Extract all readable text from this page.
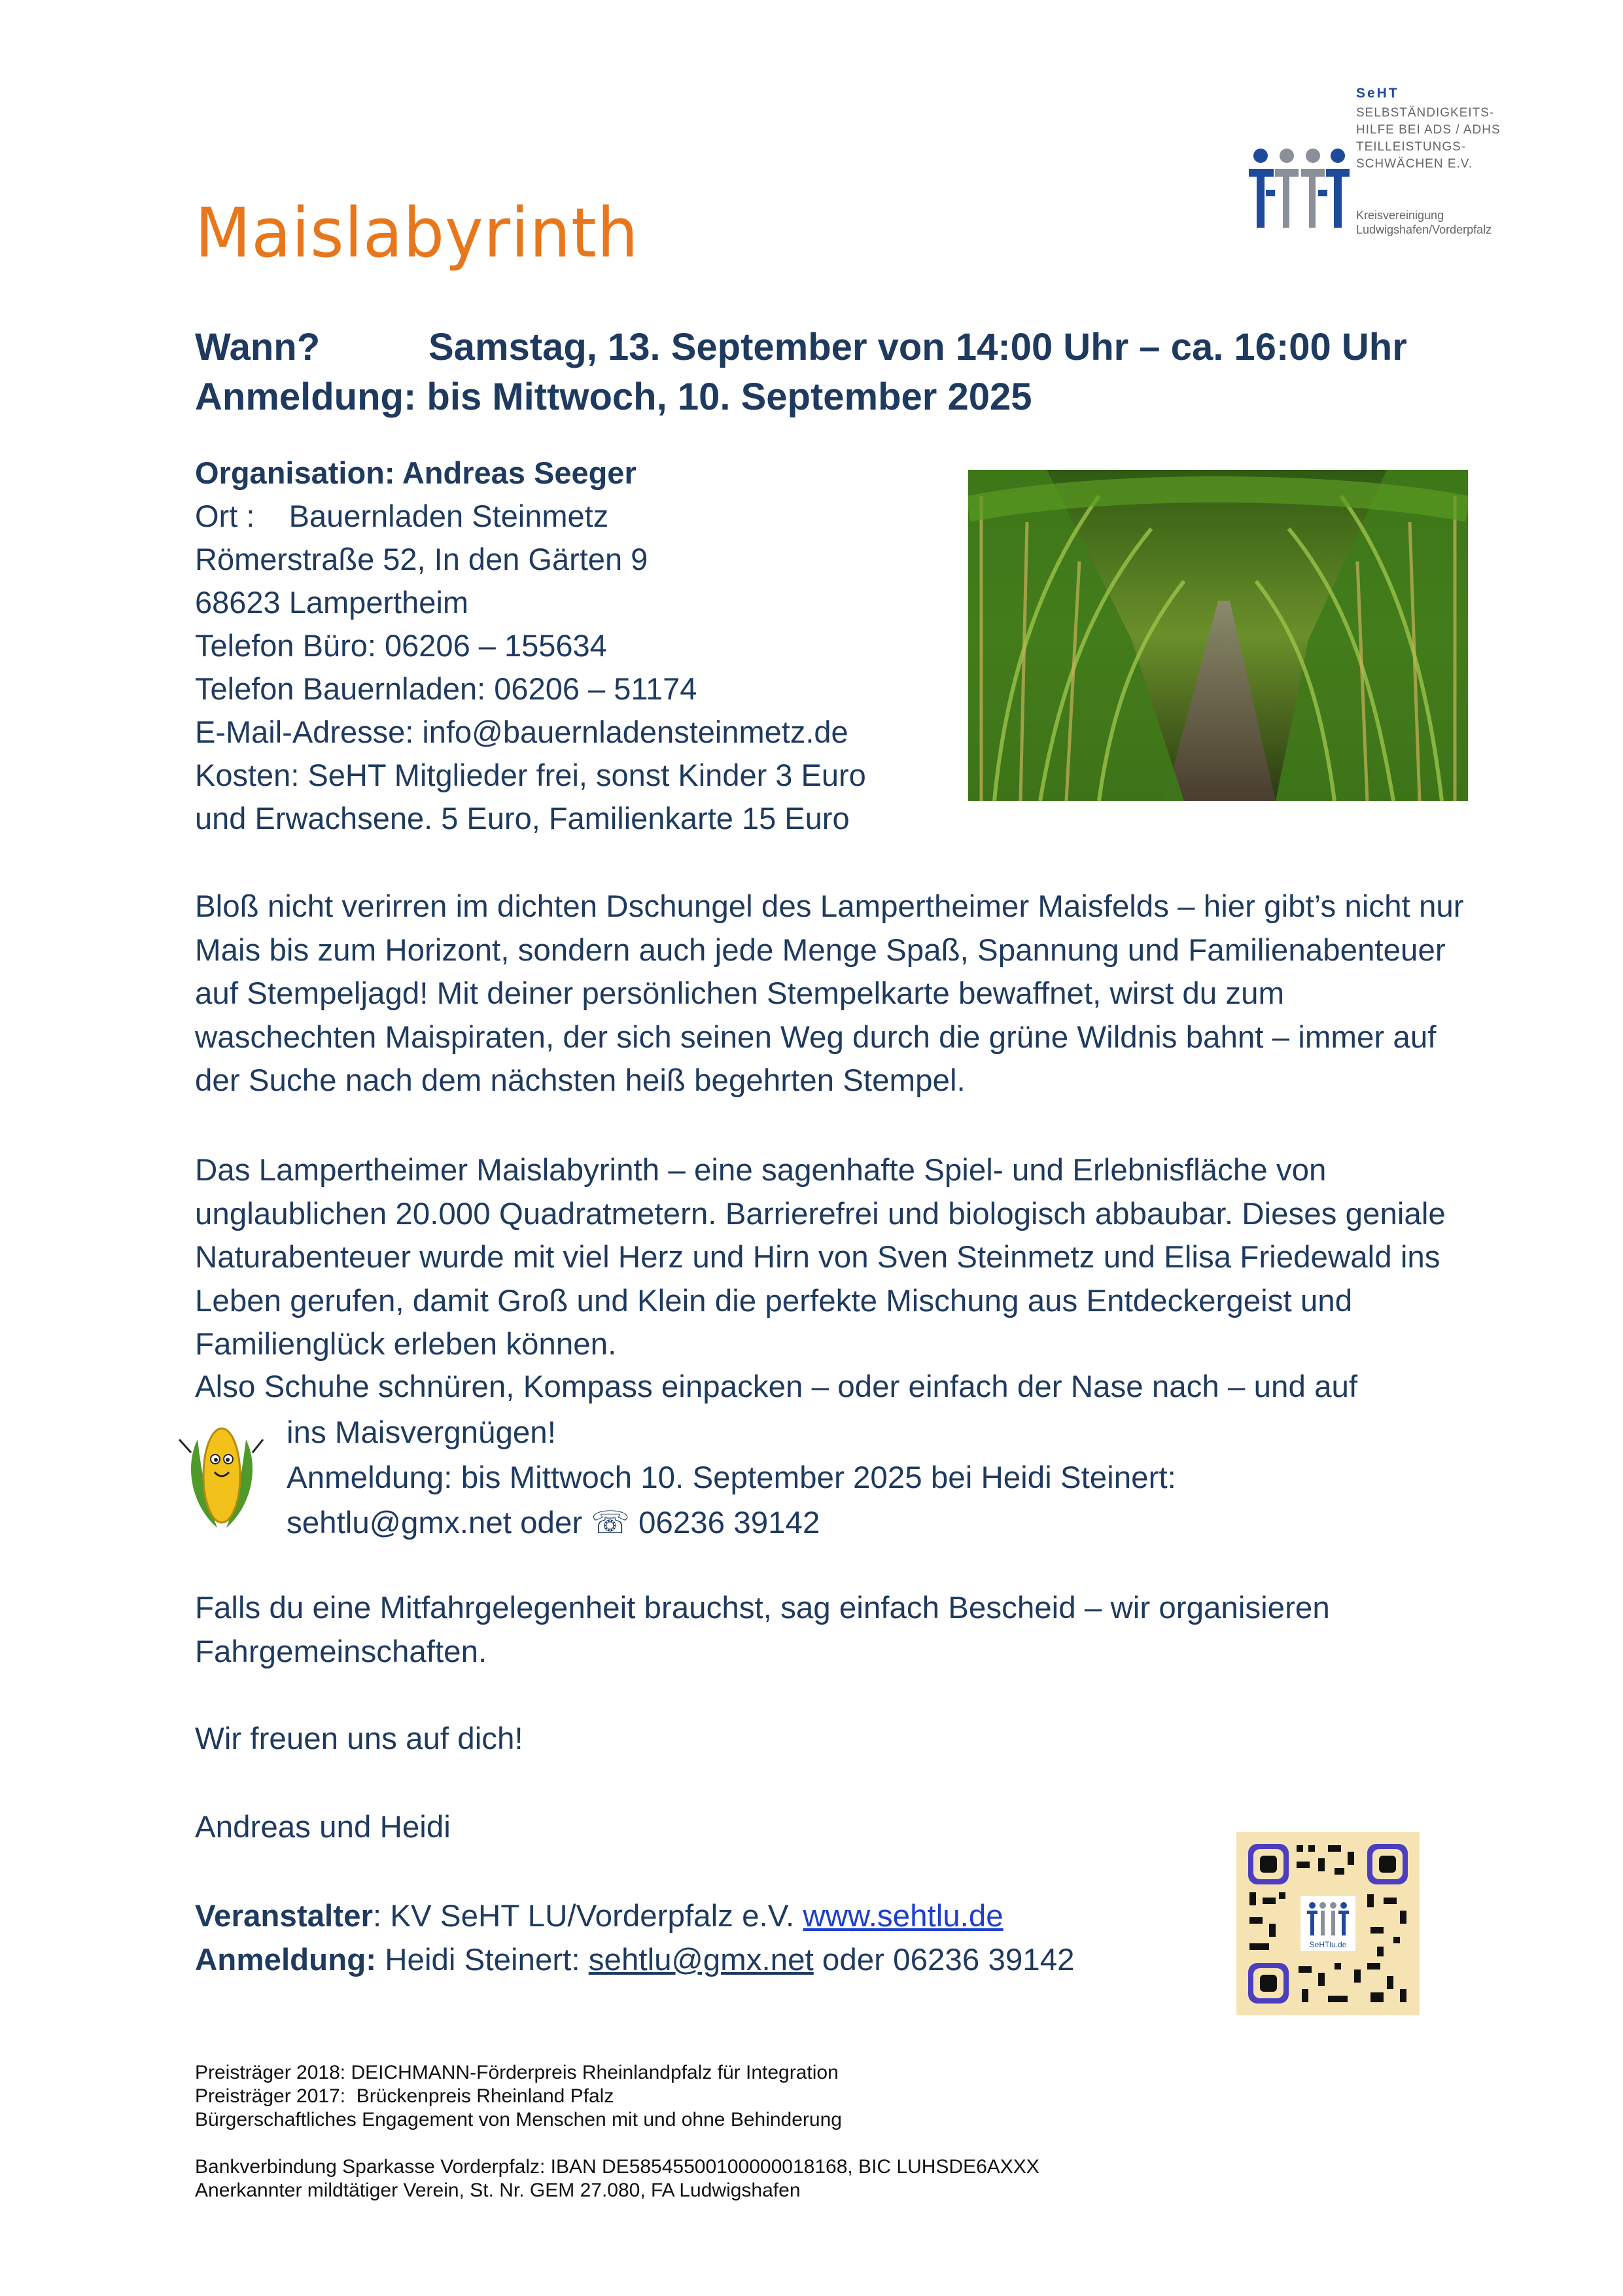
SeHT
SELBSTÄNDIGKEITS-
HILFE BEI ADS / ADHS
TEILLEISTUNGS-
SCHWÄCHEN E.V.
Kreisvereinigung
Ludwigshafen/Vorderpfalz
Maislabyrinth
Wann?	Samstag, 13. September von 14:00 Uhr – ca. 16:00 Uhr
Anmeldung: bis Mittwoch, 10. September 2025
Organisation: Andreas Seeger
Ort :    Bauernladen Steinmetz
Römerstraße 52, In den Gärten 9
68623 Lampertheim
Telefon Büro: 06206 – 155634
Telefon Bauernladen: 06206 – 51174
E-Mail-Adresse: info@bauernladensteinmetz.de
Kosten: SeHT Mitglieder frei, sonst Kinder 3 Euro
und Erwachsene. 5 Euro, Familienkarte 15 Euro
Bloß nicht verirren im dichten Dschungel des Lampertheimer Maisfelds – hier gibt’s nicht nur Mais bis zum Horizont, sondern auch jede Menge Spaß, Spannung und Familienabenteuer auf Stempeljagd! Mit deiner persönlichen Stempelkarte bewaffnet, wirst du zum waschechten Maispiraten, der sich seinen Weg durch die grüne Wildnis bahnt – immer auf der Suche nach dem nächsten heiß begehrten Stempel.
Das Lampertheimer Maislabyrinth – eine sagenhafte Spiel- und Erlebnisfläche von unglaublichen 20.000 Quadratmetern. Barrierefrei und biologisch abbaubar. Dieses geniale Naturabenteuer wurde mit viel Herz und Hirn von Sven Steinmetz und Elisa Friedewald ins Leben gerufen, damit Groß und Klein die perfekte Mischung aus Entdeckergeist und Familienglück erleben können.
Also Schuhe schnüren, Kompass einpacken – oder einfach der Nase nach – und auf
ins Maisvergnügen!
Anmeldung: bis Mittwoch 10. September 2025 bei Heidi Steinert:
sehtlu@gmx.net oder ☏ 06236 39142
Falls du eine Mitfahrgelegenheit brauchst, sag einfach Bescheid – wir organisieren Fahrgemeinschaften.
Wir freuen uns auf dich!
Andreas und Heidi
Veranstalter: KV SeHT LU/Vorderpfalz e.V. www.sehtlu.de
Anmeldung: Heidi Steinert: sehtlu@gmx.net oder 06236 39142	SeHTlu.de
Preisträger 2018: DEICHMANN-Förderpreis Rheinlandpfalz für Integration
Preisträger 2017:  Brückenpreis Rheinland Pfalz
Bürgerschaftliches Engagement von Menschen mit und ohne Behinderung
Bankverbindung Sparkasse Vorderpfalz: IBAN DE58545500100000018168, BIC LUHSDE6AXXX
Anerkannter mildtätiger Verein, St. Nr. GEM 27.080, FA Ludwigshafen
